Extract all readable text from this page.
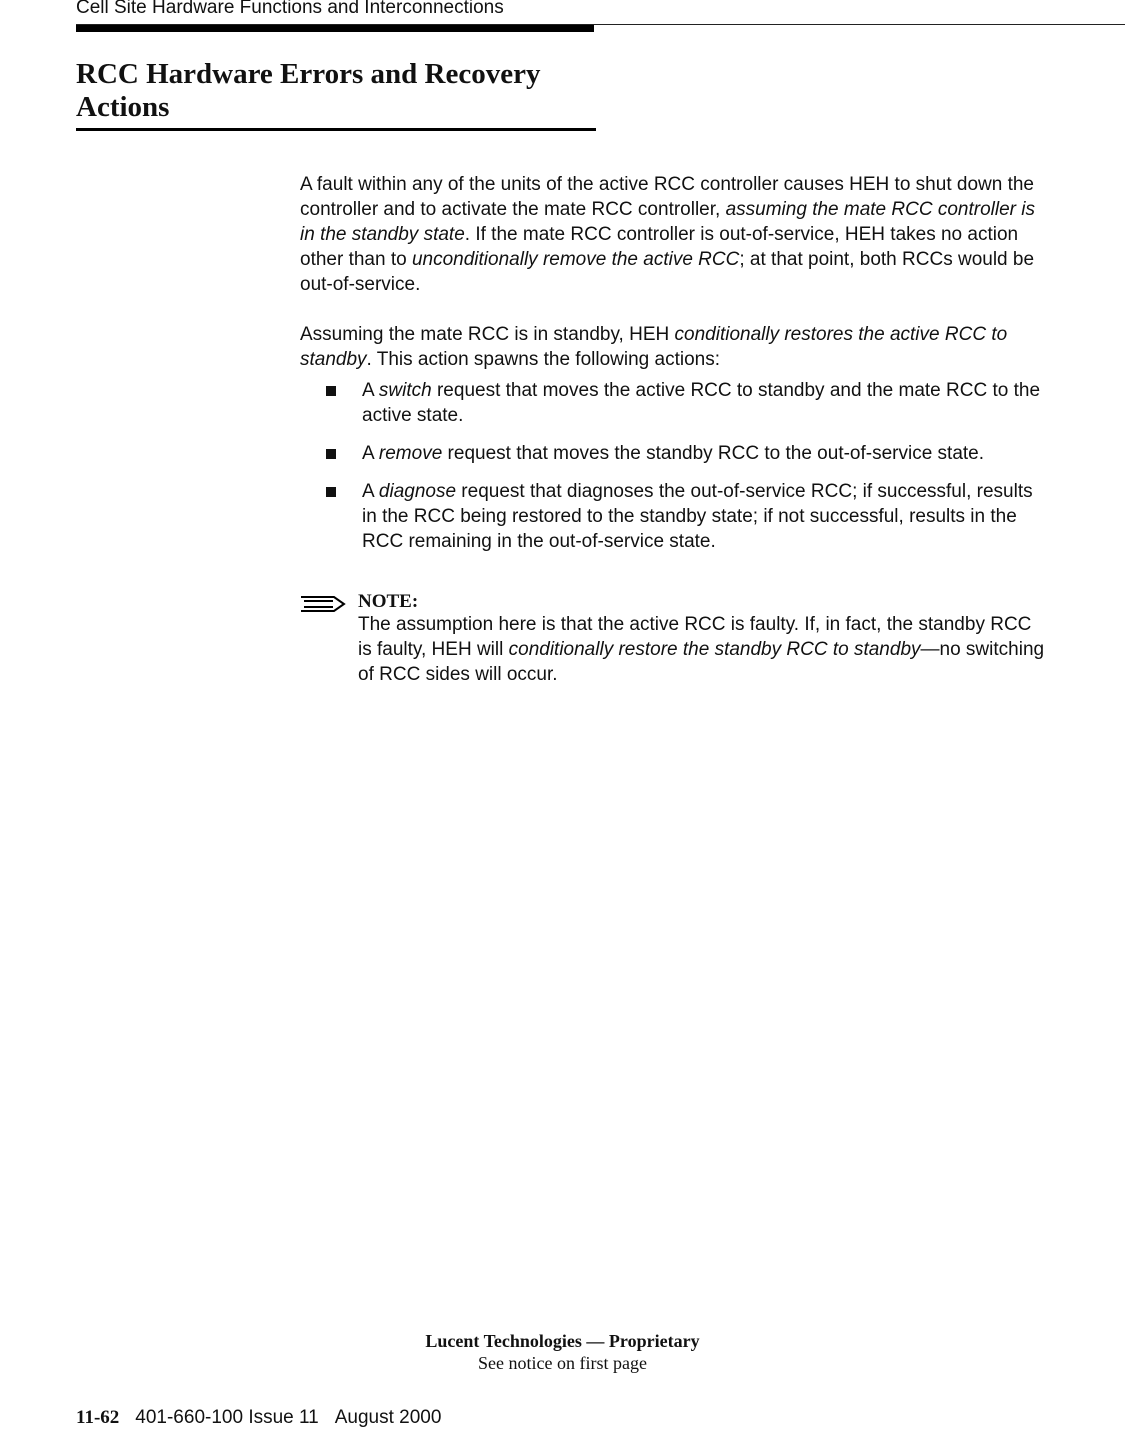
Cell Site Hardware Functions and Interconnections
RCC Hardware Errors and Recovery Actions

A fault within any of the units of the active RCC controller causes HEH to shut down the controller and to activate the mate RCC controller, assuming the mate RCC controller is in the standby state. If the mate RCC controller is out-of-service, HEH takes no action other than to unconditionally remove the active RCC; at that point, both RCCs would be out-of-service.

Assuming the mate RCC is in standby, HEH conditionally restores the active RCC to standby. This action spawns the following actions:

A switch request that moves the active RCC to standby and the mate RCC to the active state.
A remove request that moves the standby RCC to the out-of-service state.
A diagnose request that diagnoses the out-of-service RCC; if successful, results in the RCC being restored to the standby state; if not successful, results in the RCC remaining in the out-of-service state.
NOTE:

The assumption here is that the active RCC is faulty. If, in fact, the standby RCC is faulty, HEH will conditionally restore the standby RCC to standby—no switching of RCC sides will occur.

Lucent Technologies — Proprietary
See notice on first page
11-62 401-660-100 Issue 11 August 2000
